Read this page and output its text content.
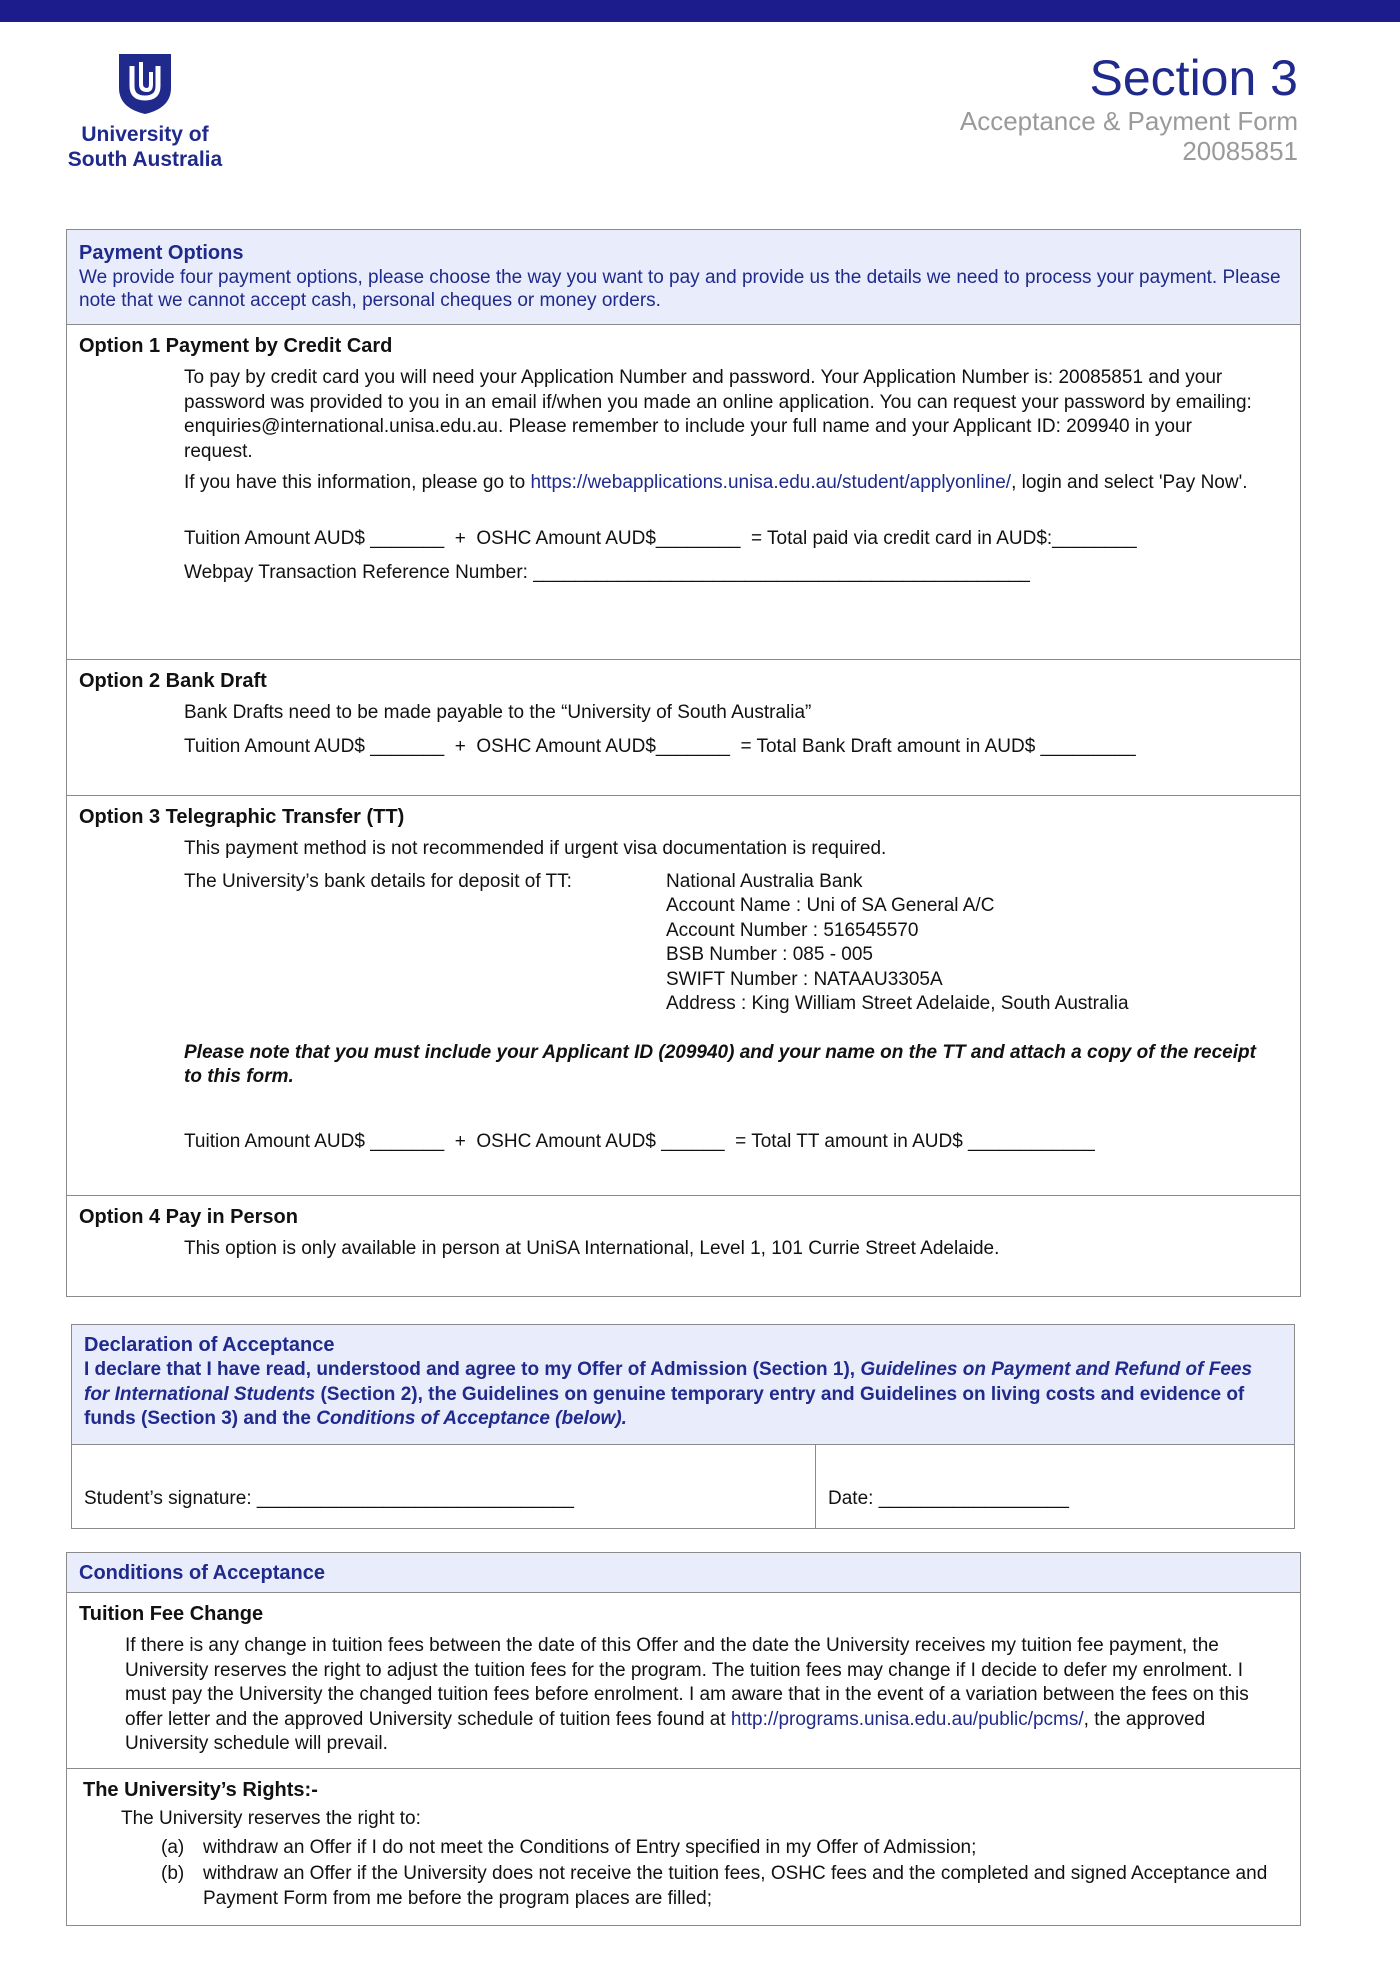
University of
South Australia
Section 3
Acceptance & Payment Form
20085851
Payment Options
We provide four payment options, please choose the way you want to pay and provide us the details we need to process your payment. Please note that we cannot accept cash, personal cheques or money orders.
Option 1 Payment by Credit Card
To pay by credit card you will need your Application Number and password. Your Application Number is: 20085851 and your password was provided to you in an email if/when you made an online application. You can request your password by emailing: enquiries@international.unisa.edu.au. Please remember to include your full name and your Applicant ID: 209940 in your request.
If you have this information, please go to https://webapplications.unisa.edu.au/student/applyonline/, login and select 'Pay Now'.
Tuition Amount AUD$ _______  +  OSHC Amount AUD$________  = Total paid via credit card in AUD$:________
Webpay Transaction Reference Number: _______________________________________________
Option 2 Bank Draft
Bank Drafts need to be made payable to the “University of South Australia”
Tuition Amount AUD$ _______  +  OSHC Amount AUD$_______  = Total Bank Draft amount in AUD$ _________
Option 3 Telegraphic Transfer (TT)
This payment method is not recommended if urgent visa documentation is required.
The University’s bank details for deposit of TT:	National Australia Bank
Account Name : Uni of SA General A/C
Account Number : 516545570
BSB Number : 085 - 005
SWIFT Number : NATAAU3305A
Address : King William Street Adelaide, South Australia
Please note that you must include your Applicant ID (209940) and your name on the TT and attach a copy of the receipt to this form.
Tuition Amount AUD$ _______  +  OSHC Amount AUD$ ______  = Total TT amount in AUD$ ____________
Option 4 Pay in Person
This option is only available in person at UniSA International, Level 1, 101 Currie Street Adelaide.
Declaration of Acceptance
I declare that I have read, understood and agree to my Offer of Admission (Section 1), Guidelines on Payment and Refund of Fees for International Students (Section 2), the Guidelines on genuine temporary entry and Guidelines on living costs and evidence of funds (Section 3) and the Conditions of Acceptance (below).
Student’s signature: ______________________________	Date: __________________
Conditions of Acceptance
Tuition Fee Change
If there is any change in tuition fees between the date of this Offer and the date the University receives my tuition fee payment, the University reserves the right to adjust the tuition fees for the program. The tuition fees may change if I decide to defer my enrolment. I must pay the University the changed tuition fees before enrolment. I am aware that in the event of a variation between the fees on this offer letter and the approved University schedule of tuition fees found at http://programs.unisa.edu.au/public/pcms/, the approved University schedule will prevail.
The University’s Rights:-
The University reserves the right to:
(a) withdraw an Offer if I do not meet the Conditions of Entry specified in my Offer of Admission;
(b) withdraw an Offer if the University does not receive the tuition fees, OSHC fees and the completed and signed Acceptance and Payment Form from me before the program places are filled;
